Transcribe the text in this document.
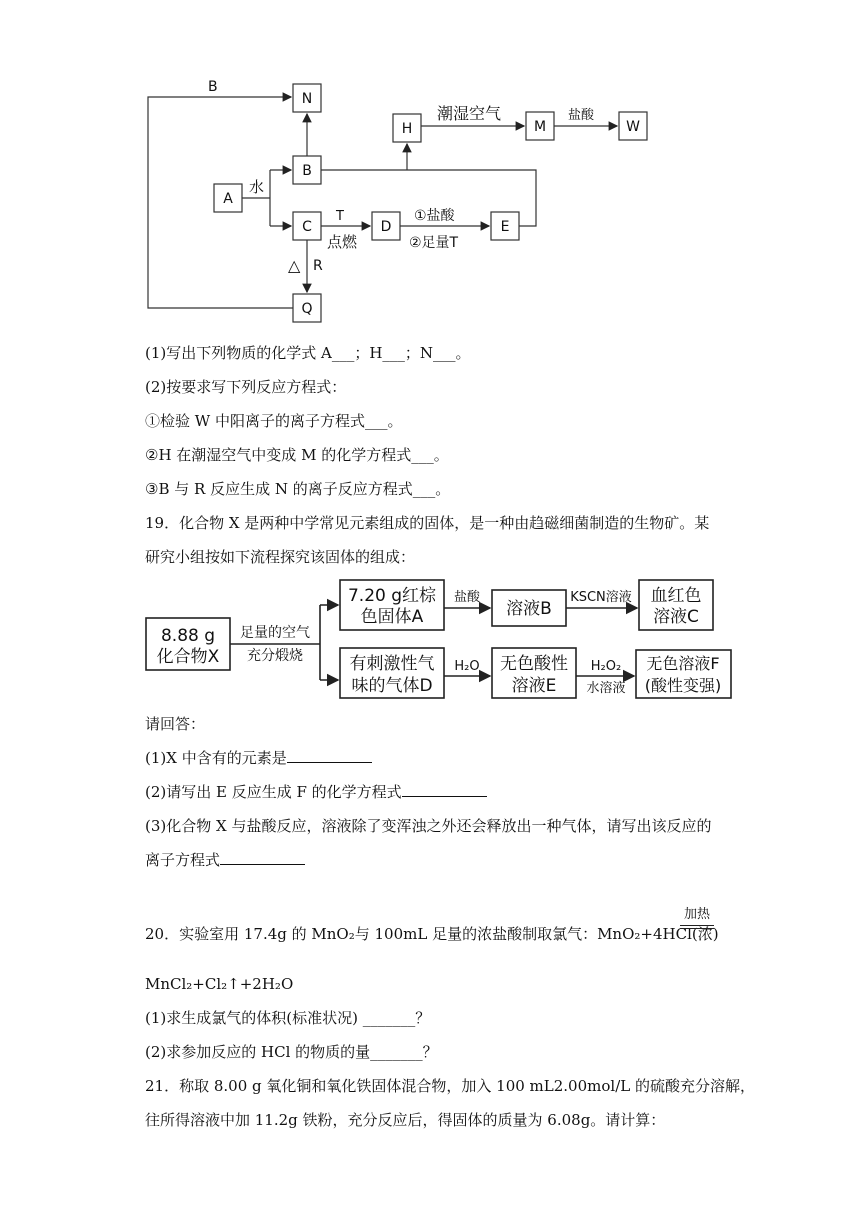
N
H	M	W
B
A
C	D	E
Q
B
水
潮湿空气	盐酸
T
点燃
①盐酸
②足量T
△ R
(1)写出下列物质的化学式 A___；H___；N___。
(2)按要求写下列反应方程式：
①检验 W 中阳离子的离子方程式___。
②H 在潮湿空气中变成 M 的化学方程式___。
③B 与 R 反应生成 N 的离子反应方程式___。
19．化合物 X 是两种中学常见元素组成的固体，是一种由趋磁细菌制造的生物矿。某
研究小组按如下流程探究该固体的组成：
8.88 g
化合物X
7.20 g红棕
色固体A	溶液B
血红色
溶液C
有刺激性气
味的气体D
无色酸性
溶液E
无色溶液F
(酸性变强)
足量的空气
充分煅烧
盐酸	KSCN溶液
H₂O	H₂O₂
水溶液
请回答：
(1)X 中含有的元素是
(2)请写出 E 反应生成 F 的化学方程式
(3)化合物 X 与盐酸反应，溶液除了变浑浊之外还会释放出一种气体，请写出该反应的
离子方程式
20．实验室用 17.4g 的 MnO₂与 100mL 足量的浓盐酸制取氯气：MnO₂+4HCl(浓)
加热
MnCl₂+Cl₂↑+2H₂O
(1)求生成氯气的体积(标准状况) _______？
(2)求参加反应的 HCl 的物质的量_______？
21．称取 8.00 g 氧化铜和氧化铁固体混合物，加入 100 mL2.00mol/L 的硫酸充分溶解，
往所得溶液中加 11.2g 铁粉，充分反应后，得固体的质量为 6.08g。请计算：
